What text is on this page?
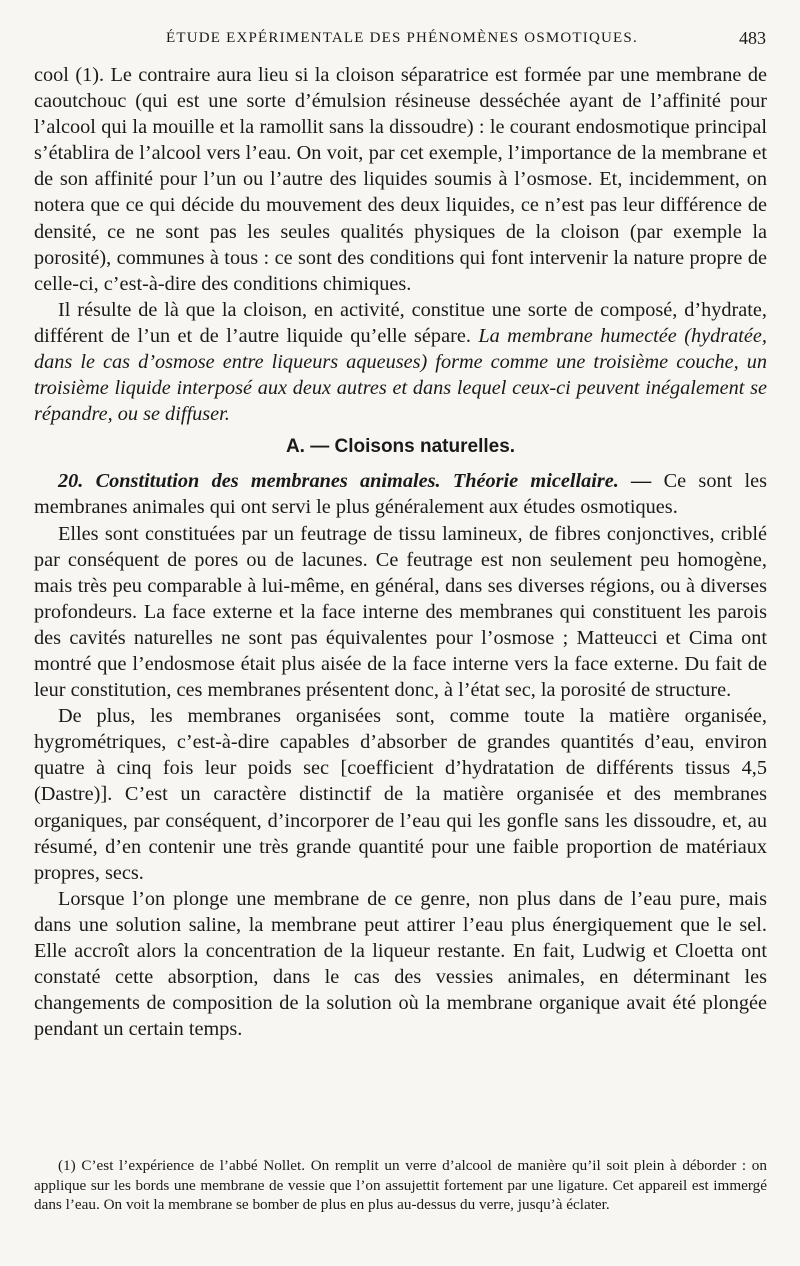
ÉTUDE EXPÉRIMENTALE DES PHÉNOMÈNES OSMOTIQUES.	483

cool (1). Le contraire aura lieu si la cloison séparatrice est formée par une membrane de caoutchouc (qui est une sorte d’émulsion résineuse desséchée ayant de l’affinité pour l’alcool qui la mouille et la ramollit sans la dissoudre) : le courant endosmotique principal s’établira de l’alcool vers l’eau. On voit, par cet exemple, l’importance de la membrane et de son affinité pour l’un ou l’autre des liquides soumis à l’osmose. Et, incidemment, on notera que ce qui décide du mouvement des deux liquides, ce n’est pas leur différence de densité, ce ne sont pas les seules qualités physiques de la cloison (par exemple la porosité), communes à tous : ce sont des conditions qui font intervenir la nature propre de celle-ci, c’est-à-dire des conditions chimiques.

Il résulte de là que la cloison, en activité, constitue une sorte de composé, d’hydrate, différent de l’un et de l’autre liquide qu’elle sépare. La membrane humectée (hydratée, dans le cas d’osmose entre liqueurs aqueuses) forme comme une troisième couche, un troisième liquide interposé aux deux autres et dans lequel ceux-ci peuvent inégalement se répandre, ou se diffuser.

A. — Cloisons naturelles.

20. Constitution des membranes animales. Théorie micellaire. — Ce sont les membranes animales qui ont servi le plus généralement aux études osmotiques.

Elles sont constituées par un feutrage de tissu lamineux, de fibres conjonctives, criblé par conséquent de pores ou de lacunes. Ce feutrage est non seulement peu homogène, mais très peu comparable à lui-même, en général, dans ses diverses régions, ou à diverses profondeurs. La face externe et la face interne des membranes qui constituent les parois des cavités naturelles ne sont pas équivalentes pour l’osmose ; Matteucci et Cima ont montré que l’endosmose était plus aisée de la face interne vers la face externe. Du fait de leur constitution, ces membranes présentent donc, à l’état sec, la porosité de structure.

De plus, les membranes organisées sont, comme toute la matière organisée, hygrométriques, c’est-à-dire capables d’absorber de grandes quantités d’eau, environ quatre à cinq fois leur poids sec [coefficient d’hydratation de différents tissus 4,5 (Dastre)]. C’est un caractère distinctif de la matière organisée et des membranes organiques, par conséquent, d’incorporer de l’eau qui les gonfle sans les dissoudre, et, au résumé, d’en contenir une très grande quantité pour une faible proportion de matériaux propres, secs.

Lorsque l’on plonge une membrane de ce genre, non plus dans de l’eau pure, mais dans une solution saline, la membrane peut attirer l’eau plus énergiquement que le sel. Elle accroît alors la concentration de la liqueur restante. En fait, Ludwig et Cloetta ont constaté cette absorption, dans le cas des vessies animales, en déterminant les changements de composition de la solution où la membrane organique avait été plongée pendant un certain temps.

(1) C’est l’expérience de l’abbé Nollet. On remplit un verre d’alcool de manière qu’il soit plein à déborder : on applique sur les bords une membrane de vessie que l’on assujettit fortement par une ligature. Cet appareil est immergé dans l’eau. On voit la membrane se bomber de plus en plus au-dessus du verre, jusqu’à éclater.
